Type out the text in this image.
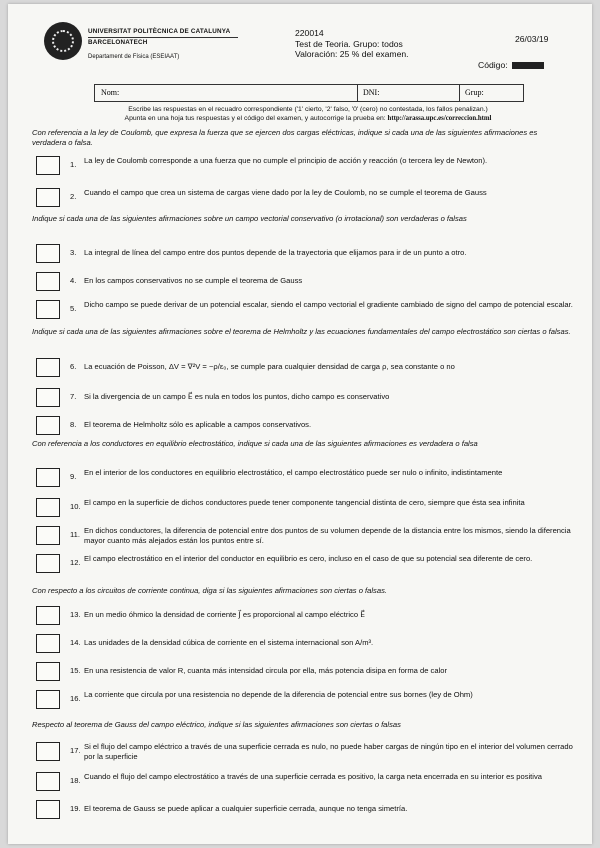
UNIVERSITAT POLITÈCNICA DE CATALUNYA
BARCELONATECH
Departament de Física (ESEIAAT)
220014
Test de Teoria. Grupo: todos
Valoración: 25 % del examen.
26/03/19
Código:
Nom:	DNI:	Grup:
Escribe las respuestas en el recuadro correspondiente ('1' cierto, '2' falso, '0' (cero) no contestada, los fallos penalizan.)
Apunta en una hoja tus respuestas y el código del examen, y autocorrige la prueba en: http://arassa.upc.es/correccion.html
Con referencia a la ley de Coulomb, que expresa la fuerza que se ejercen dos cargas eléctricas, indique si cada una de las siguientes afirmaciones es verdadera o falsa.
1. La ley de Coulomb corresponde a una fuerza que no cumple el principio de acción y reacción (o tercera ley de Newton).
2. Cuando el campo que crea un sistema de cargas viene dado por la ley de Coulomb, no se cumple el teorema de Gauss
Indique si cada una de las siguientes afirmaciones sobre un campo vectorial conservativo (o irrotacional) son verdaderas o falsas
3. La integral de línea del campo entre dos puntos depende de la trayectoria que elijamos para ir de un punto a otro.
4. En los campos conservativos no se cumple el teorema de Gauss
5. Dicho campo se puede derivar de un potencial escalar, siendo el campo vectorial el gradiente cambiado de signo del campo de potencial escalar.
Indique si cada una de las siguientes afirmaciones sobre el teorema de Helmholtz y las ecuaciones fundamentales del campo electrostático son ciertas o falsas.
6. La ecuación de Poisson, ΔV = ∇²V = −ρ/ε₀, se cumple para cualquier densidad de carga ρ, sea constante o no
7. Si la divergencia de un campo E⃗ es nula en todos los puntos, dicho campo es conservativo
8. El teorema de Helmholtz sólo es aplicable a campos conservativos.
Con referencia a los conductores en equilibrio electrostático, indique si cada una de las siguientes afirmaciones es verdadera o falsa
9. En el interior de los conductores en equilibrio electrostático, el campo electrostático puede ser nulo o infinito, indistintamente
10. El campo en la superficie de dichos conductores puede tener componente tangencial distinta de cero, siempre que ésta sea infinita
11. En dichos conductores, la diferencia de potencial entre dos puntos de su volumen depende de la distancia entre los mismos, siendo la diferencia mayor cuanto más alejados están los puntos entre sí.
12. El campo electrostático en el interior del conductor en equilibrio es cero, incluso en el caso de que su potencial sea diferente de cero.
Con respecto a los circuitos de corriente continua, diga si las siguientes afirmaciones son ciertas o falsas.
13. En un medio óhmico la densidad de corriente J⃗ es proporcional al campo eléctrico E⃗
14. Las unidades de la densidad cúbica de corriente en el sistema internacional son A/m³.
15. En una resistencia de valor R, cuanta más intensidad circula por ella, más potencia disipa en forma de calor
16. La corriente que circula por una resistencia no depende de la diferencia de potencial entre sus bornes (ley de Ohm)
Respecto al teorema de Gauss del campo eléctrico, indique si las siguientes afirmaciones son ciertas o falsas
17. Si el flujo del campo eléctrico a través de una superficie cerrada es nulo, no puede haber cargas de ningún tipo en el interior del volumen cerrado por la superficie
18. Cuando el flujo del campo electrostático a través de una superficie cerrada es positivo, la carga neta encerrada en su interior es positiva
19. El teorema de Gauss se puede aplicar a cualquier superficie cerrada, aunque no tenga simetría.
